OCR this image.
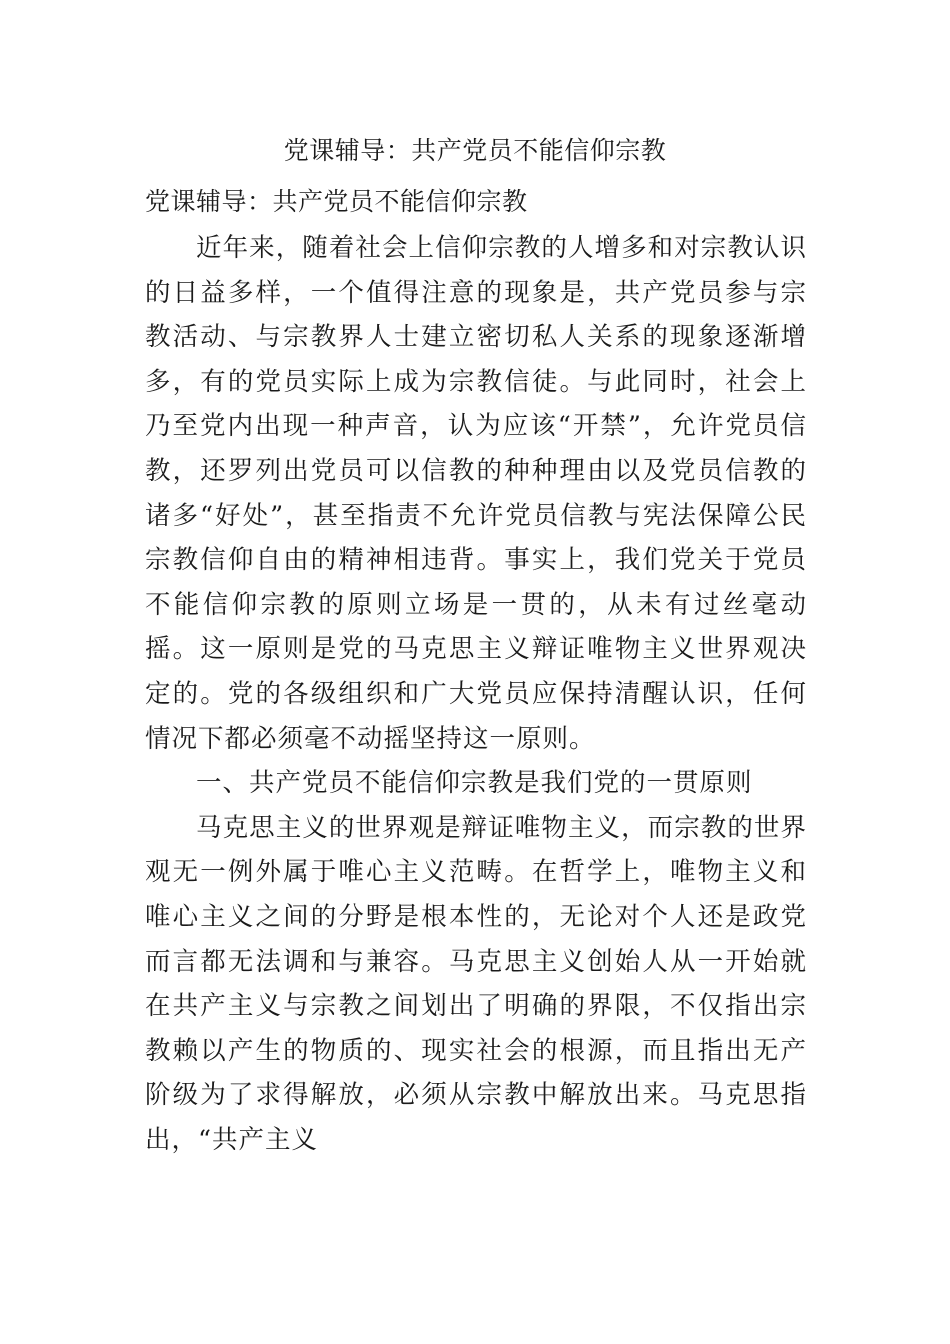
党课辅导：共产党员不能信仰宗教
党课辅导：共产党员不能信仰宗教

近年来，随着社会上信仰宗教的人增多和对宗教认识的日益多样，一个值得注意的现象是，共产党员参与宗教活动、与宗教界人士建立密切私人关系的现象逐渐增多，有的党员实际上成为宗教信徒。与此同时，社会上乃至党内出现一种声音，认为应该“开禁”，允许党员信教，还罗列出党员可以信教的种种理由以及党员信教的诸多“好处”，甚至指责不允许党员信教与宪法保障公民宗教信仰自由的精神相违背。事实上，我们党关于党员不能信仰宗教的原则立场是一贯的，从未有过丝毫动摇。这一原则是党的马克思主义辩证唯物主义世界观决定的。党的各级组织和广大党员应保持清醒认识，任何情况下都必须毫不动摇坚持这一原则。

一、共产党员不能信仰宗教是我们党的一贯原则

马克思主义的世界观是辩证唯物主义，而宗教的世界观无一例外属于唯心主义范畴。在哲学上，唯物主义和唯心主义之间的分野是根本性的，无论对个人还是政党而言都无法调和与兼容。马克思主义创始人从一开始就在共产主义与宗教之间划出了明确的界限，不仅指出宗教赖以产生的物质的、现实社会的根源，而且指出无产阶级为了求得解放，必须从宗教中解放出来。马克思指出，“共产主义
